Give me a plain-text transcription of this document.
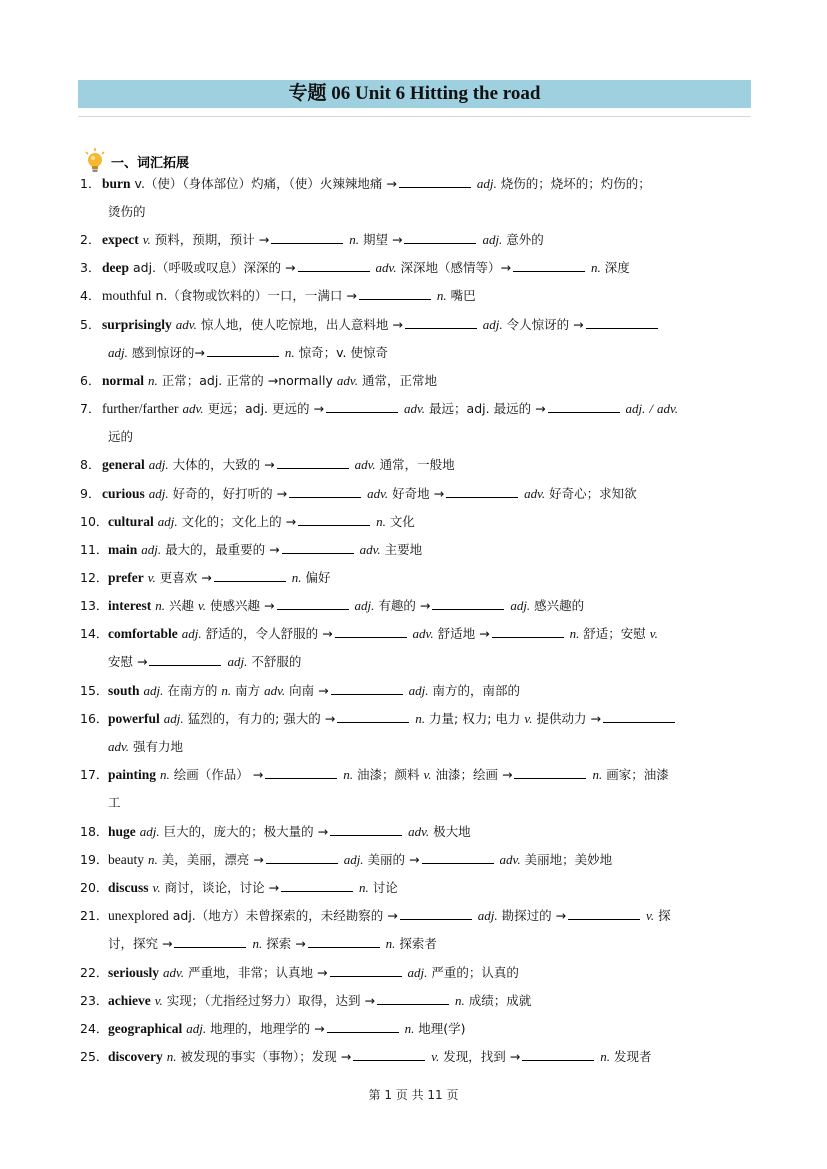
专题 06 Unit 6 Hitting the road
一、词汇拓展
1． burn v.（使）（身体部位）灼痛，（使）火辣辣地痛 →	adj. 烧伤的；烧坏的；灼伤的；
烫伤的
2． expect v. 预料，预期，预计 →	n. 期望 →	adj. 意外的
3． deep adj.（呼吸或叹息）深深的 →	adv. 深深地（感情等）→	n. 深度
4． mouthful n.（食物或饮料的）一口，一满口 →	n. 嘴巴
5． surprisingly adv. 惊人地，使人吃惊地，出人意料地 →	adj. 令人惊讶的 →
adj. 感到惊讶的→	n. 惊奇；v. 使惊奇
6． normal n. 正常；adj. 正常的 →normally adv. 通常，正常地
7． further/farther adv. 更远；adj. 更远的 →	adv. 最远；adj. 最远的 →	adj. / adv.
远的
8． general adj. 大体的，大致的 →	adv. 通常，一般地
9． curious adj. 好奇的，好打听的 →	adv. 好奇地 →	adv. 好奇心；求知欲
10．cultural adj. 文化的；文化上的 →	n. 文化
11．main adj. 最大的，最重要的 →	adv. 主要地
12．prefer v. 更喜欢 →	n. 偏好
13．interest n. 兴趣 v. 使感兴趣 →	adj. 有趣的 →	adj. 感兴趣的
14．comfortable adj. 舒适的，令人舒服的 →	adv. 舒适地 →	n. 舒适；安慰 v.
安慰 →	adj. 不舒服的
15．south adj. 在南方的 n. 南方 adv. 向南 →	adj. 南方的，南部的
16．powerful adj. 猛烈的，有力的; 强大的 →	n. 力量; 权力; 电力 v. 提供动力 →
adv. 强有力地
17．painting n. 绘画（作品） →	n. 油漆；颜料 v. 油漆；绘画 →	n. 画家；油漆
工
18．huge adj. 巨大的，庞大的；极大量的 →	adv. 极大地
19．beauty n. 美，美丽，漂亮 →	adj. 美丽的 →	adv. 美丽地；美妙地
20．discuss v. 商讨，谈论，讨论 →	n. 讨论
21．unexplored adj.（地方）未曾探索的，未经勘察的 →	adj. 勘探过的 →	v. 探
讨，探究 →	n. 探索 →	n. 探索者
22．seriously adv. 严重地，非常；认真地 →	adj. 严重的；认真的
23．achieve v. 实现；（尤指经过努力）取得，达到 →	n. 成绩；成就
24．geographical adj. 地理的，地理学的 →	n. 地理(学)
25．discovery n. 被发现的事实（事物）；发现 →	v. 发现，找到 →	n. 发现者
第 1 页 共 11 页
